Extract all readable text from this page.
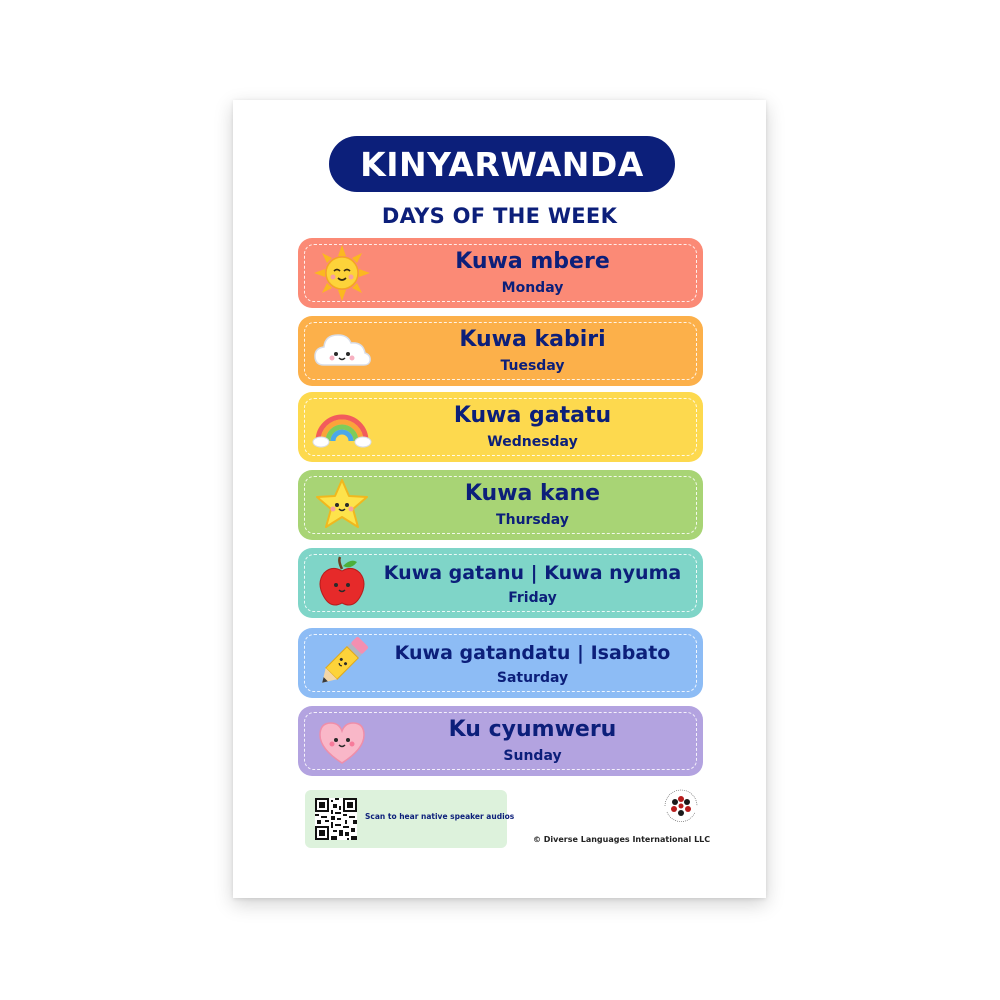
KINYARWANDA
DAYS OF THE WEEK
Kuwa mbere
Monday
Kuwa kabiri
Tuesday
Kuwa gatatu
Wednesday
Kuwa kane
Thursday
Kuwa gatanu | Kuwa nyuma
Friday
Kuwa gatandatu | Isabato
Saturday
Ku cyumweru
Sunday
Scan to hear native speaker audios
© Diverse Languages International LLC
